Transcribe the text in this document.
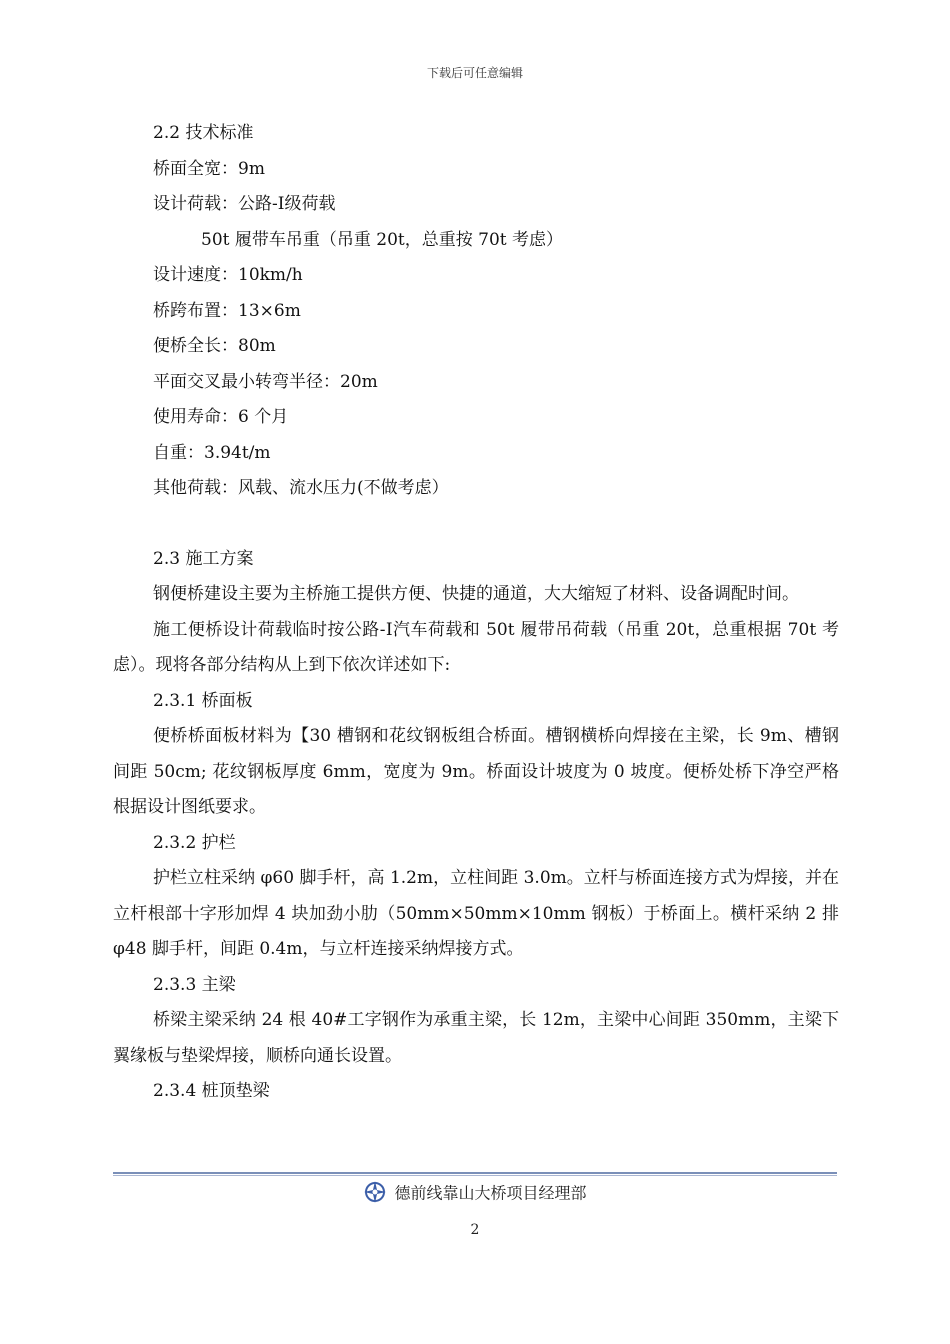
下载后可任意编辑
2.2 技术标准
桥面全宽：9m
设计荷载：公路-Ⅰ级荷载
50t 履带车吊重（吊重 20t，总重按 70t 考虑）
设计速度：10km/h
桥跨布置：13×6m
便桥全长：80m
平面交叉最小转弯半径：20m
使用寿命：6 个月
自重：3.94t/m
其他荷载：风载、流水压力(不做考虑）
2.3 施工方案
钢便桥建设主要为主桥施工提供方便、快捷的通道，大大缩短了材料、设备调配时间。
施工便桥设计荷载临时按公路-Ⅰ汽车荷载和 50t 履带吊荷载（吊重 20t，总重根据 70t 考虑）。现将各部分结构从上到下依次详述如下:
2.3.1 桥面板
便桥桥面板材料为【30 槽钢和花纹钢板组合桥面。槽钢横桥向焊接在主梁，长 9m、槽钢间距 50cm; 花纹钢板厚度 6mm，宽度为 9m。桥面设计坡度为 0 坡度。便桥处桥下净空严格根据设计图纸要求。
2.3.2 护栏
护栏立柱采纳 φ60 脚手杆，高 1.2m，立柱间距 3.0m。立杆与桥面连接方式为焊接，并在立杆根部十字形加焊 4 块加劲小肋（50mm×50mm×10mm 钢板）于桥面上。横杆采纳 2 排 φ48 脚手杆，间距 0.4m，与立杆连接采纳焊接方式。
2.3.3 主梁
桥梁主梁采纳 24 根 40#工字钢作为承重主梁，长 12m，主梁中心间距 350mm，主梁下翼缘板与垫梁焊接，顺桥向通长设置。
2.3.4 桩顶垫梁
德前线靠山大桥项目经理部
2
